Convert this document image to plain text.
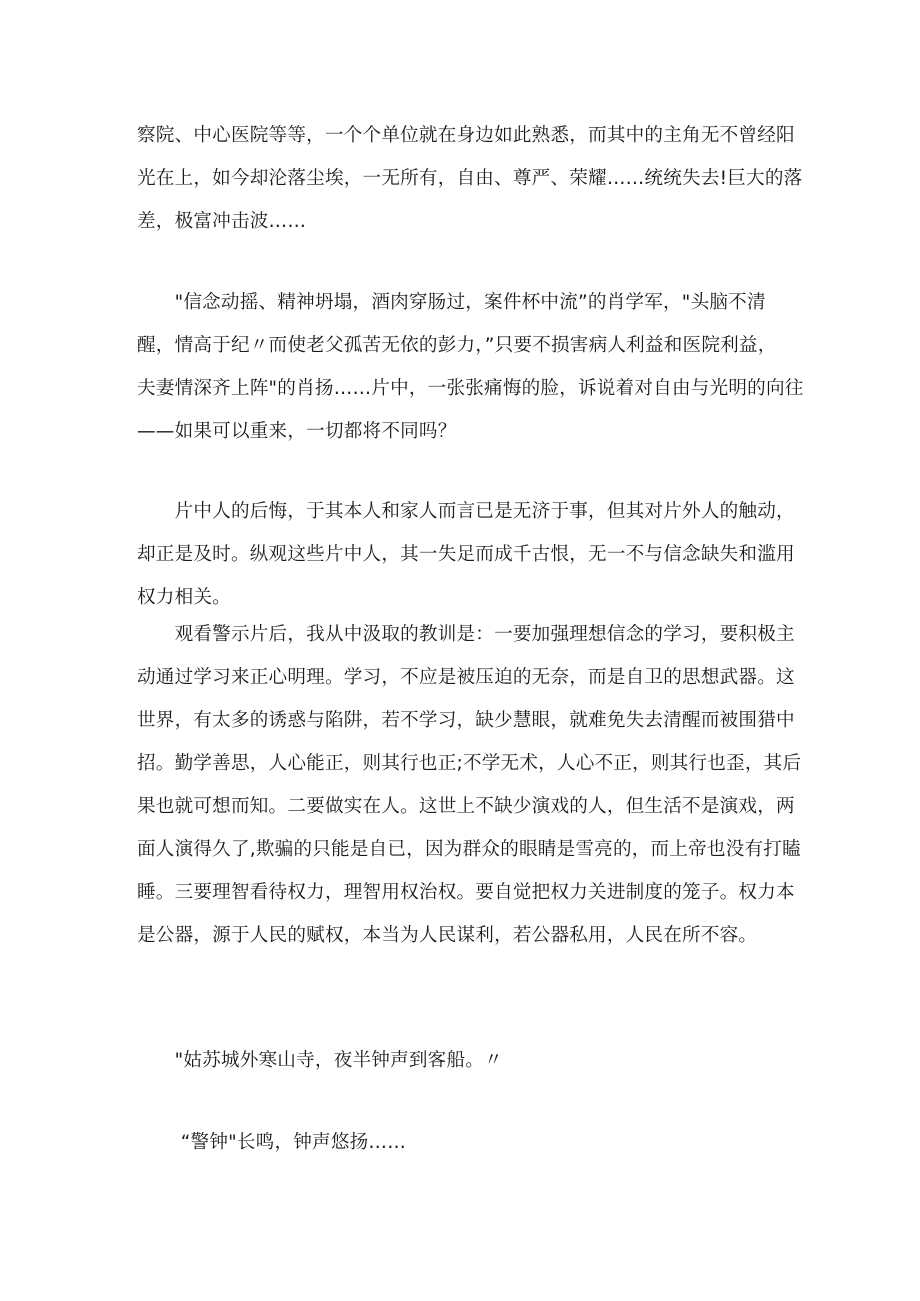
察院、中心医院等等，一个个单位就在身边如此熟悉，而其中的主角无不曾经阳
光在上，如今却沦落尘埃，一无所有，自由、尊严、荣耀……统统失去!巨大的落
差，极富冲击波……

　　"信念动摇、精神坍塌，酒肉穿肠过，案件杯中流”的肖学军，"头脑不清
醒，情高于纪〃而使老父孤苦无依的彭力，”只要不损害病人利益和医院利益，
夫妻情深齐上阵"的肖扬……片中，一张张痛悔的脸，诉说着对自由与光明的向往
——如果可以重来，一切都将不同吗？

　　片中人的后悔，于其本人和家人而言已是无济于事，但其对片外人的触动，
却正是及时。纵观这些片中人，其一失足而成千古恨，无一不与信念缺失和滥用
权力相关。

　　观看警示片后，我从中汲取的教训是：一要加强理想信念的学习，要积极主
动通过学习来正心明理。学习，不应是被压迫的无奈，而是自卫的思想武器。这
世界，有太多的诱惑与陷阱，若不学习，缺少慧眼，就难免失去清醒而被围猎中
招。勤学善思，人心能正，则其行也正;不学无术，人心不正，则其行也歪，其后
果也就可想而知。二要做实在人。这世上不缺少演戏的人，但生活不是演戏，两
面人演得久了,欺骗的只能是自已，因为群众的眼睛是雪亮的，而上帝也没有打瞌
睡。三要理智看待权力，理智用权治权。要自觉把权力关进制度的笼子。权力本
是公器，源于人民的赋权，本当为人民谋利，若公器私用，人民在所不容。

　　"姑苏城外寒山寺，夜半钟声到客船。〃

　　 “警钟"长鸣，钟声悠扬……
